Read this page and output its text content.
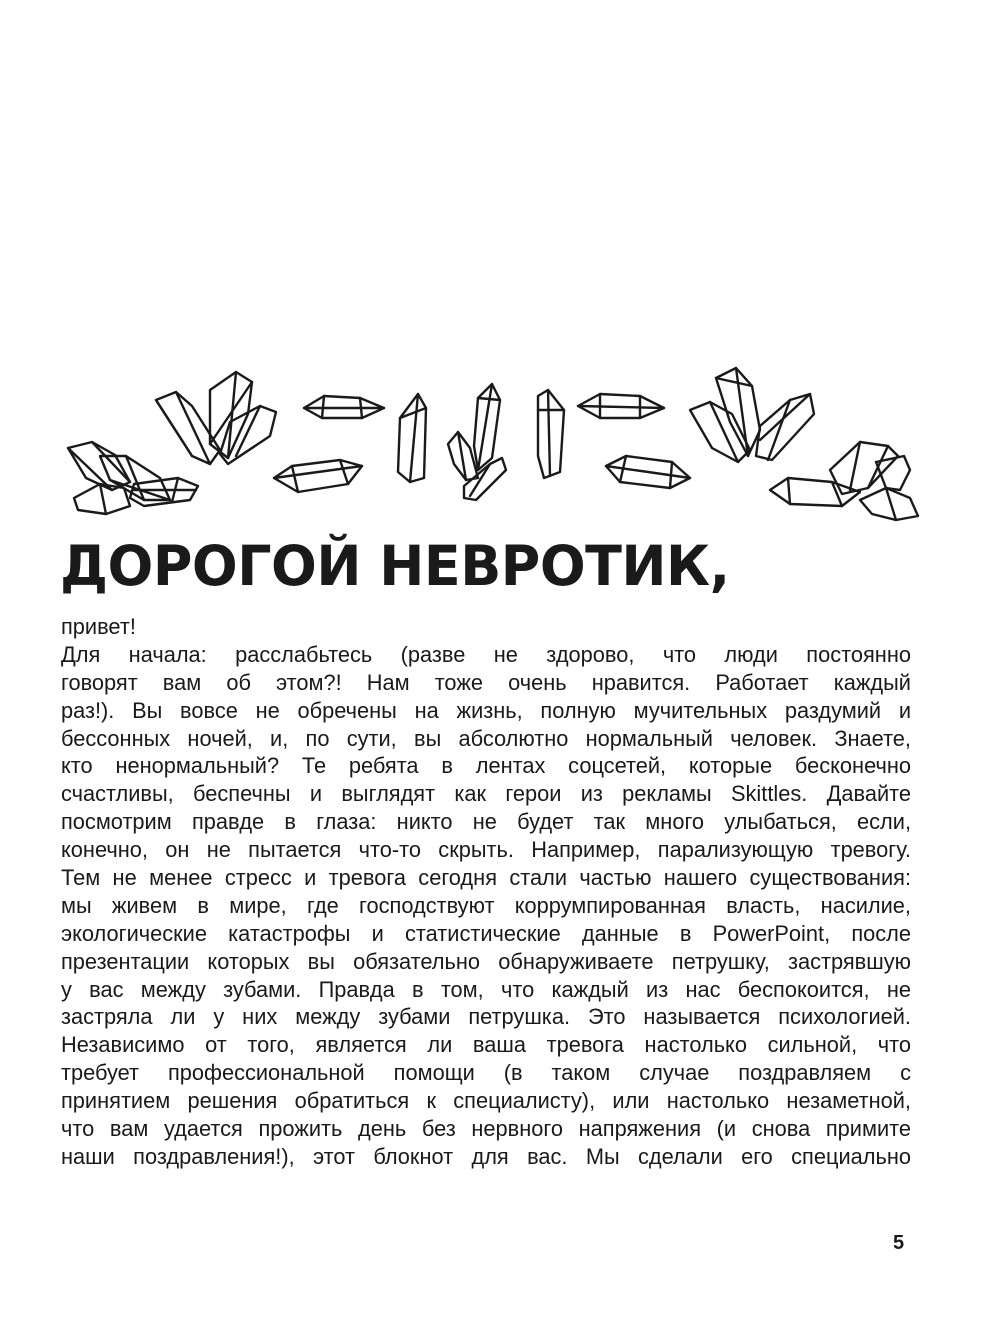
ДОРОГОЙ НЕВРОТИК,

привет!

Для начала: расслабьтесь (разве не здорово, что люди постоянно
говорят вам об этом?! Нам тоже очень нравится. Работает каждый
раз!). Вы вовсе не обречены на жизнь, полную мучительных раздумий и
бессонных ночей, и, по сути, вы абсолютно нормальный человек. Знаете,
кто ненормальный? Те ребята в лентах соцсетей, которые бесконечно
счастливы, беспечны и выглядят как герои из рекламы Skittles. Давайте
посмотрим правде в глаза: никто не будет так много улыбаться, если,
конечно, он не пытается что-то скрыть. Например, парализующую тревогу.
Тем не менее стресс и тревога сегодня стали частью нашего существования:
мы живем в мире, где господствуют коррумпированная власть, насилие,
экологические катастрофы и статистические данные в PowerPoint, после
презентации которых вы обязательно обнаруживаете петрушку, застрявшую
у вас между зубами. Правда в том, что каждый из нас беспокоится, не
застряла ли у них между зубами петрушка. Это называется психологией.
Независимо от того, является ли ваша тревога настолько сильной, что
требует профессиональной помощи (в таком случае поздравляем с
принятием решения обратиться к специалисту), или настолько незаметной,
что вам удается прожить день без нервного напряжения (и снова примите
наши поздравления!), этот блокнот для вас. Мы сделали его специально

5
